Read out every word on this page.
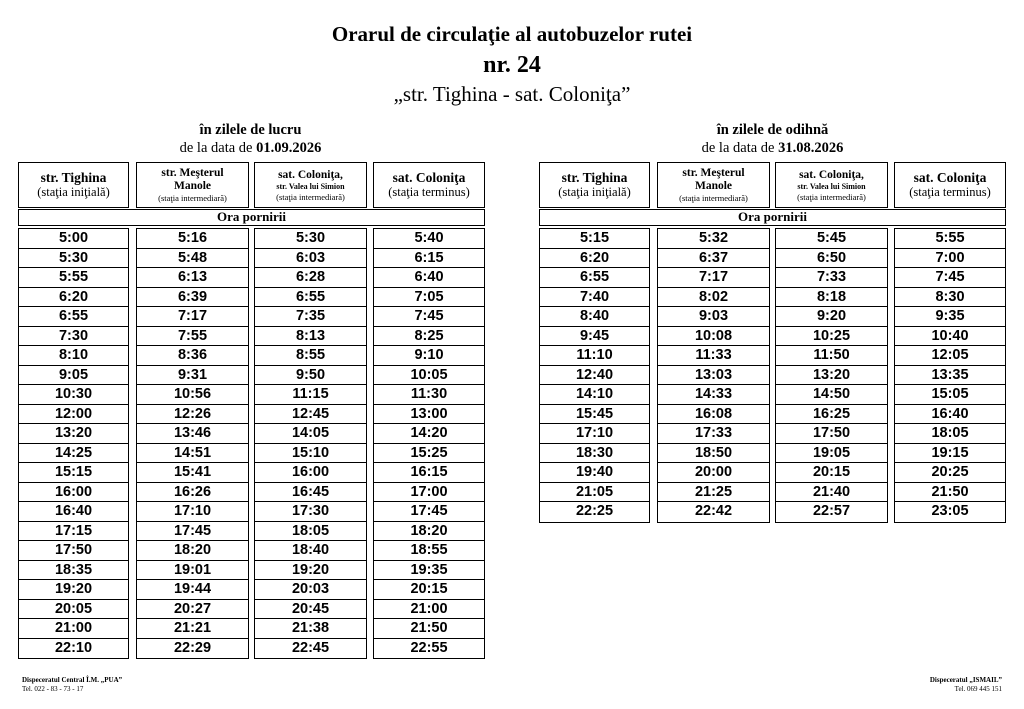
Orarul de circulaţie al autobuzelor rutei
nr. 24
„str. Tighina - sat. Coloniţa”
în zilele de lucru
de la data de 01.09.2026
în zilele de odihnă
de la data de 31.08.2026
str. Tighina
(staţia iniţială)
str. Meşterul
Manole
(staţia intermediară)
sat. Coloniţa,
str. Valea lui Simion
(staţia intermediară)
sat. Coloniţa
(staţia terminus)
Ora pornirii
5:00
5:30
5:55
6:20
6:55
7:30
8:10
9:05
10:30
12:00
13:20
14:25
15:15
16:00
16:40
17:15
17:50
18:35
19:20
20:05
21:00
22:10
5:16
5:48
6:13
6:39
7:17
7:55
8:36
9:31
10:56
12:26
13:46
14:51
15:41
16:26
17:10
17:45
18:20
19:01
19:44
20:27
21:21
22:29
5:30
6:03
6:28
6:55
7:35
8:13
8:55
9:50
11:15
12:45
14:05
15:10
16:00
16:45
17:30
18:05
18:40
19:20
20:03
20:45
21:38
22:45
5:40
6:15
6:40
7:05
7:45
8:25
9:10
10:05
11:30
13:00
14:20
15:25
16:15
17:00
17:45
18:20
18:55
19:35
20:15
21:00
21:50
22:55
str. Tighina
(staţia iniţială)
str. Meşterul
Manole
(staţia intermediară)
sat. Coloniţa,
str. Valea lui Simion
(staţia intermediară)
sat. Coloniţa
(staţia terminus)
Ora pornirii
5:15
6:20
6:55
7:40
8:40
9:45
11:10
12:40
14:10
15:45
17:10
18:30
19:40
21:05
22:25
5:32
6:37
7:17
8:02
9:03
10:08
11:33
13:03
14:33
16:08
17:33
18:50
20:00
21:25
22:42
5:45
6:50
7:33
8:18
9:20
10:25
11:50
13:20
14:50
16:25
17:50
19:05
20:15
21:40
22:57
5:55
7:00
7:45
8:30
9:35
10:40
12:05
13:35
15:05
16:40
18:05
19:15
20:25
21:50
23:05
Dispeceratul Central Î.M. „PUA”
Tel. 022 - 83 - 73 - 17
Dispeceratul „ISMAIL”
Tel. 069 445 151
